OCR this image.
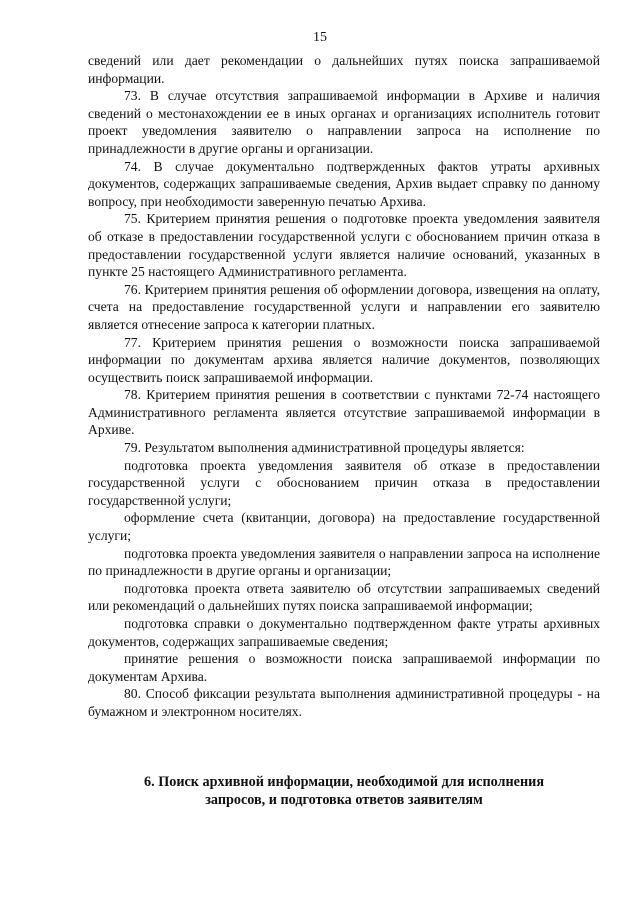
15

сведений или дает рекомендации о дальнейших путях поиска запрашиваемой информации.

73. В случае отсутствия запрашиваемой информации в Архиве и наличия сведений о местонахождении ее в иных органах и организациях исполнитель готовит проект уведомления заявителю о направлении запроса на исполнение по принадлежности в другие органы и организации.

74. В случае документально подтвержденных фактов утраты архивных документов, содержащих запрашиваемые сведения, Архив выдает справку по данному вопросу, при необходимости заверенную печатью Архива.

75. Критерием принятия решения о подготовке проекта уведомления заявителя об отказе в предоставлении государственной услуги с обоснованием причин отказа в предоставлении государственной услуги является наличие оснований, указанных в пункте 25 настоящего Административного регламента.

76. Критерием принятия решения об оформлении договора, извещения на оплату, счета на предоставление государственной услуги и направлении его заявителю является отнесение запроса к категории платных.

77. Критерием принятия решения о возможности поиска запрашиваемой информации по документам архива является наличие документов, позволяющих осуществить поиск запрашиваемой информации.

78. Критерием принятия решения в соответствии с пунктами 72-74 настоящего Административного регламента является отсутствие запрашиваемой информации в Архиве.

79. Результатом выполнения административной процедуры является:

подготовка проекта уведомления заявителя об отказе в предоставлении государственной услуги с обоснованием причин отказа в предоставлении государственной услуги;

оформление счета (квитанции, договора) на предоставление государственной услуги;

подготовка проекта уведомления заявителя о направлении запроса на исполнение по принадлежности в другие органы и организации;

подготовка проекта ответа заявителю об отсутствии запрашиваемых сведений или рекомендаций о дальнейших путях поиска запрашиваемой информации;

подготовка справки о документально подтвержденном факте утраты архивных документов, содержащих запрашиваемые сведения;

принятие решения о возможности поиска запрашиваемой информации по документам Архива.

80. Способ фиксации результата выполнения административной процедуры - на бумажном и электронном носителях.

6. Поиск архивной информации, необходимой для исполнения
запросов, и подготовка ответов заявителям
